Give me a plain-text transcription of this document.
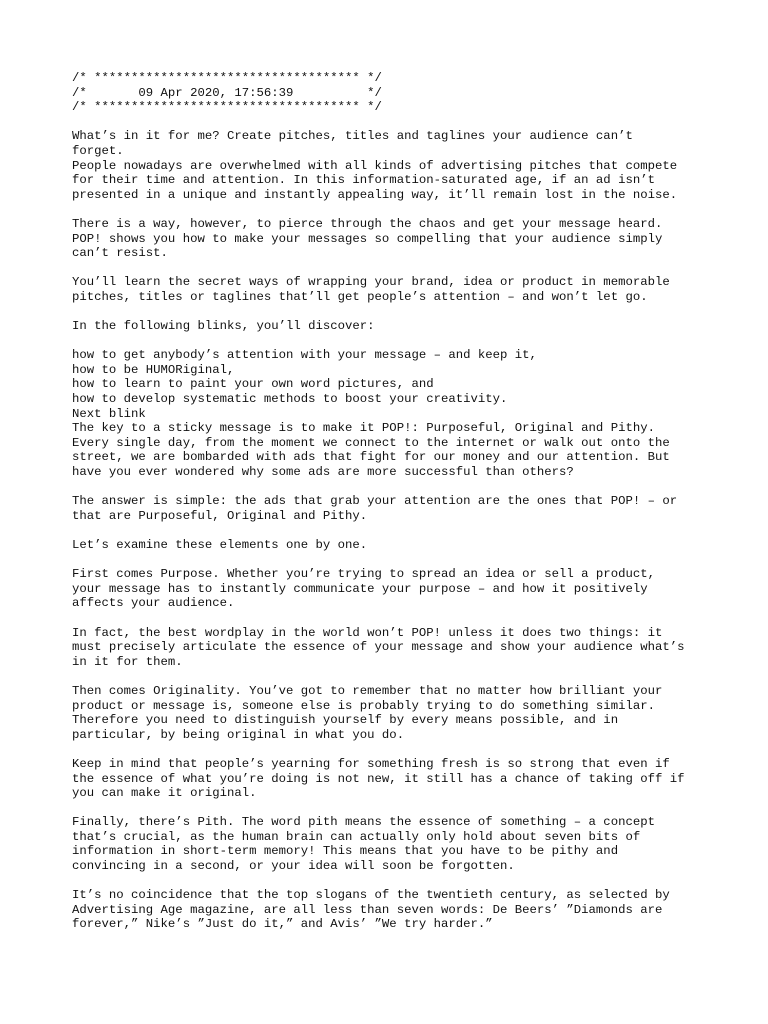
/* ************************************ */
/*       09 Apr 2020, 17:56:39          */
/* ************************************ */
What’s in it for me? Create pitches, titles and taglines your audience can’t
forget.
People nowadays are overwhelmed with all kinds of advertising pitches that compete
for their time and attention. In this information-saturated age, if an ad isn’t
presented in a unique and instantly appealing way, it’ll remain lost in the noise.
There is a way, however, to pierce through the chaos and get your message heard.
POP! shows you how to make your messages so compelling that your audience simply
can’t resist.
You’ll learn the secret ways of wrapping your brand, idea or product in memorable
pitches, titles or taglines that’ll get people’s attention – and won’t let go.
In the following blinks, you’ll discover:
how to get anybody’s attention with your message – and keep it,
how to be HUMORiginal,
how to learn to paint your own word pictures, and
how to develop systematic methods to boost your creativity.
Next blink
The key to a sticky message is to make it POP!: Purposeful, Original and Pithy.
Every single day, from the moment we connect to the internet or walk out onto the
street, we are bombarded with ads that fight for our money and our attention. But
have you ever wondered why some ads are more successful than others?
The answer is simple: the ads that grab your attention are the ones that POP! – or
that are Purposeful, Original and Pithy.
Let’s examine these elements one by one.
First comes Purpose. Whether you’re trying to spread an idea or sell a product,
your message has to instantly communicate your purpose – and how it positively
affects your audience.
In fact, the best wordplay in the world won’t POP! unless it does two things: it
must precisely articulate the essence of your message and show your audience what’s
in it for them.
Then comes Originality. You’ve got to remember that no matter how brilliant your
product or message is, someone else is probably trying to do something similar.
Therefore you need to distinguish yourself by every means possible, and in
particular, by being original in what you do.
Keep in mind that people’s yearning for something fresh is so strong that even if
the essence of what you’re doing is not new, it still has a chance of taking off if
you can make it original.
Finally, there’s Pith. The word pith means the essence of something – a concept
that’s crucial, as the human brain can actually only hold about seven bits of
information in short-term memory! This means that you have to be pithy and
convincing in a second, or your idea will soon be forgotten.
It’s no coincidence that the top slogans of the twentieth century, as selected by
Advertising Age magazine, are all less than seven words: De Beers’ ”Diamonds are
forever,” Nike’s ”Just do it,” and Avis’ ”We try harder.”
